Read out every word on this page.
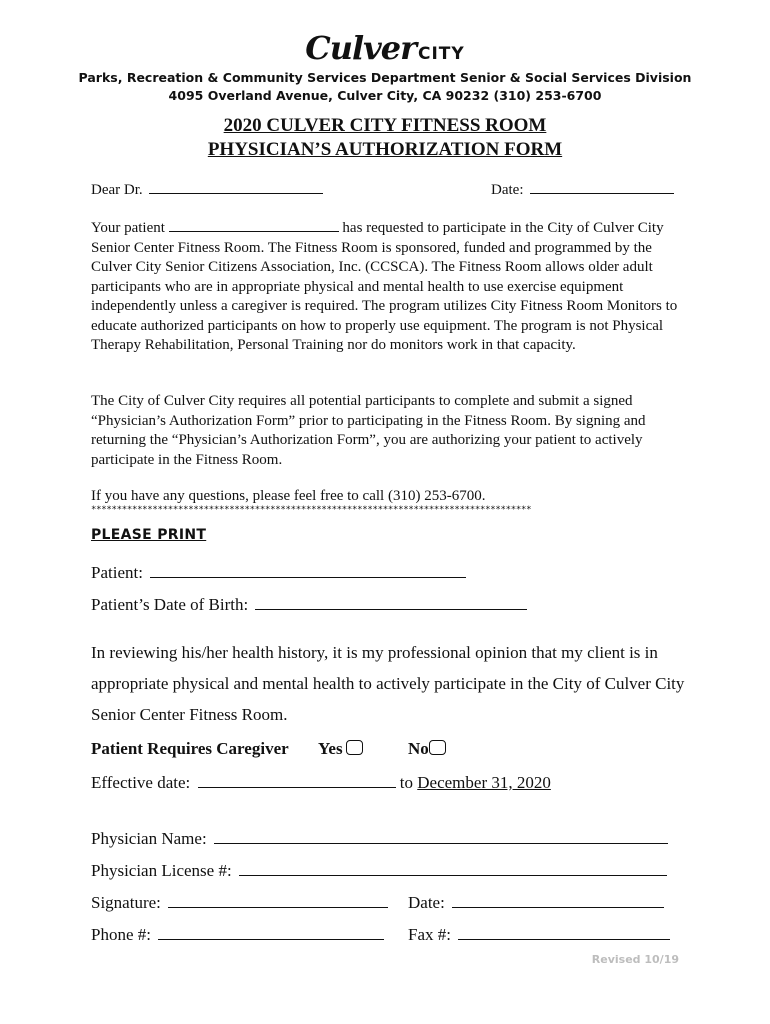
Culver CITY
Parks, Recreation & Community Services Department Senior & Social Services Division
4095 Overland Avenue, Culver City, CA 90232 (310) 253-6700
2020 CULVER CITY FITNESS ROOM
PHYSICIAN’S AUTHORIZATION FORM
Dear Dr.	Date:
Your patient	has requested to participate in the City of Culver City Senior Center Fitness Room. The Fitness Room is sponsored, funded and programmed by the Culver City Senior Citizens Association, Inc. (CCSCA). The Fitness Room allows older adult participants who are in appropriate physical and mental health to use exercise equipment independently unless a caregiver is required. The program utilizes City Fitness Room Monitors to educate authorized participants on how to properly use equipment. The program is not Physical Therapy Rehabilitation, Personal Training nor do monitors work in that capacity.
The City of Culver City requires all potential participants to complete and submit a signed “Physician’s Authorization Form” prior to participating in the Fitness Room. By signing and returning the “Physician’s Authorization Form”, you are authorizing your patient to actively participate in the Fitness Room.
If you have any questions, please feel free to call (310) 253-6700.
**************************************************************************************
PLEASE PRINT
Patient:
Patient’s Date of Birth:
In reviewing his/her health history, it is my professional opinion that my client is in appropriate physical and mental health to actively participate in the City of Culver City Senior Center Fitness Room.
Patient Requires Caregiver Yes	No
Effective date:	to December 31, 2020
Physician Name:
Physician License #:
Signature:	Date:
Phone #:	Fax #:
Revised 10/19
